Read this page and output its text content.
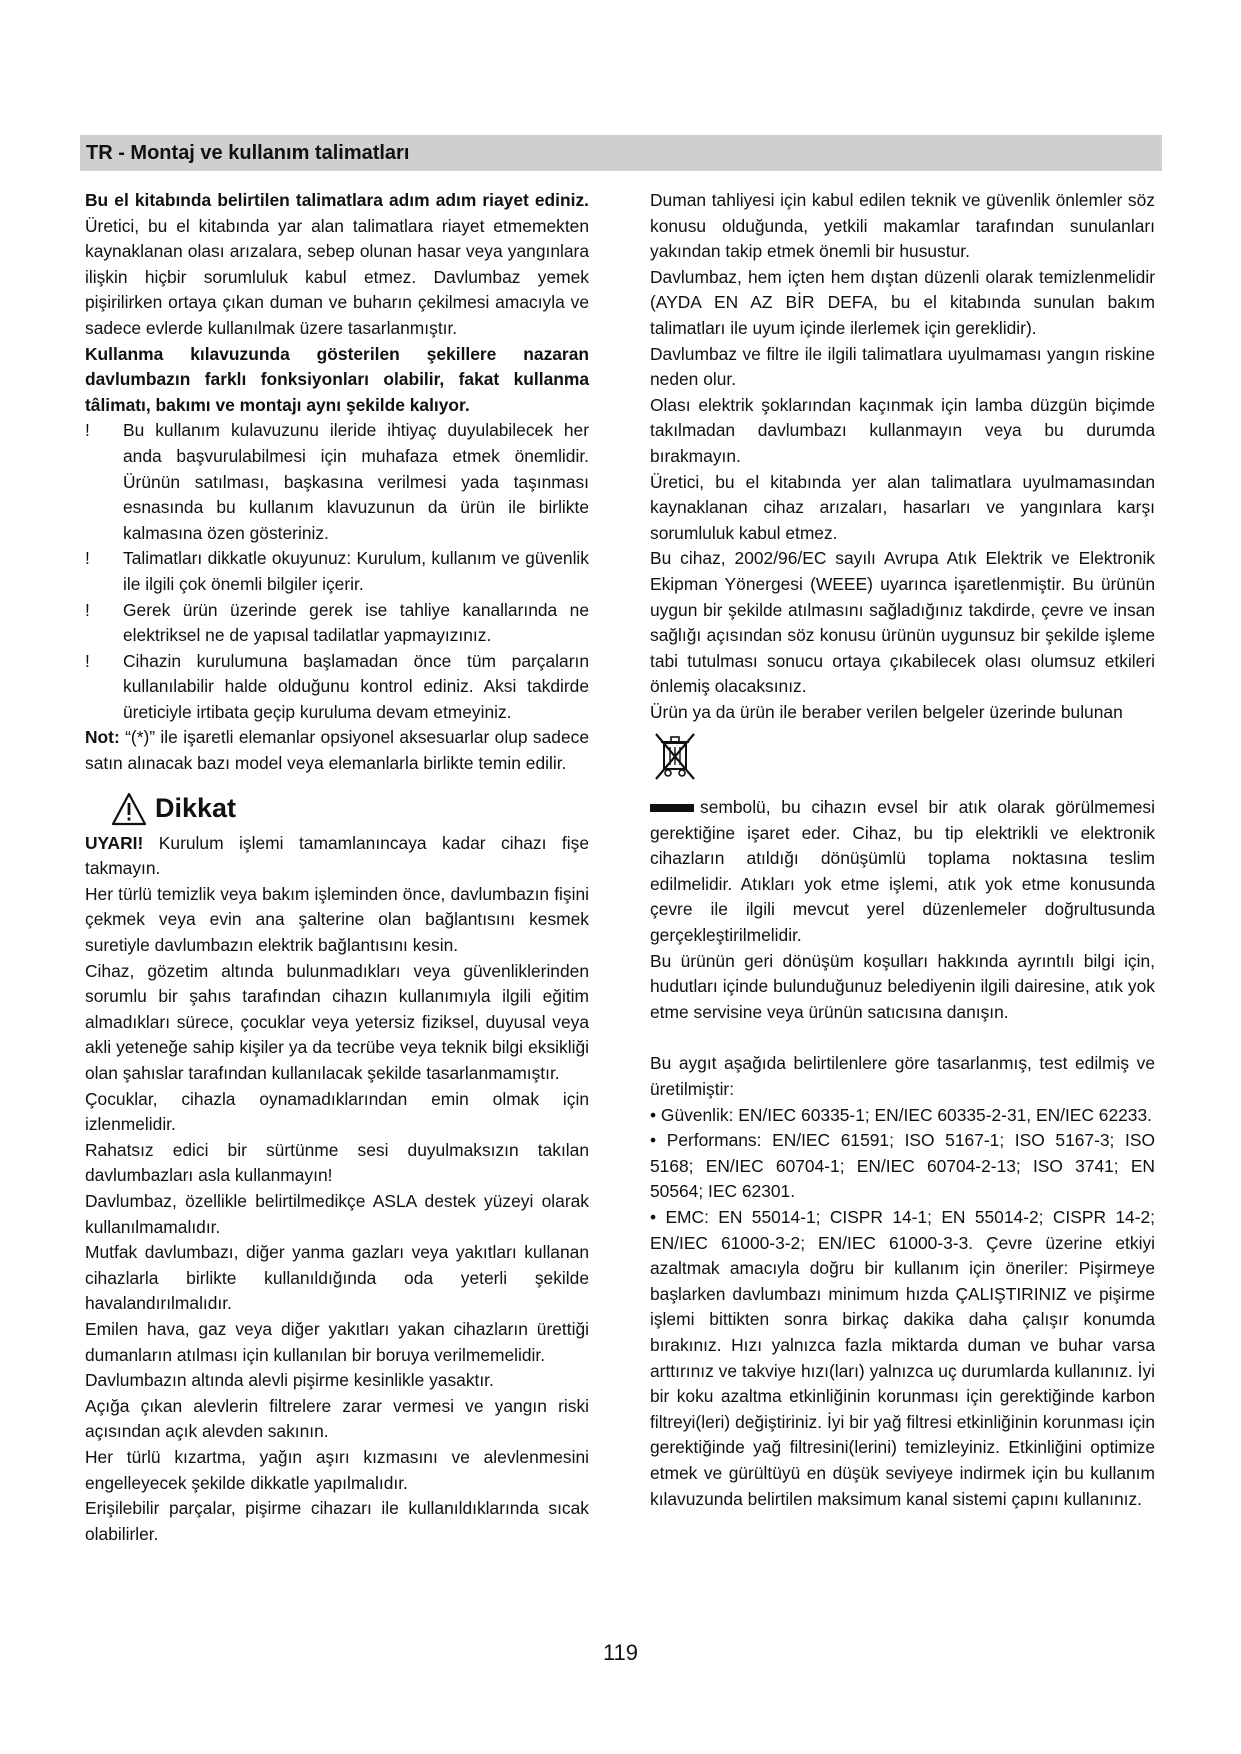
TR - Montaj ve kullanım talimatları

Bu el kitabında belirtilen talimatlara adım adım riayet ediniz. Üretici, bu el kitabında yar alan talimatlara riayet etmemekten kaynaklanan olası arızalara, sebep olunan hasar veya yangınlara ilişkin hiçbir sorumluluk kabul etmez. Davlumbaz yemek pişirilirken ortaya çıkan duman ve buharın çekilmesi amacıyla ve sadece evlerde kullanılmak üzere tasarlanmıştır.

Kullanma kılavuzunda gösterilen şekillere nazaran davlumbazın farklı fonksiyonları olabilir, fakat kullanma tâlimatı, bakımı ve montajı aynı şekilde kalıyor.

! Bu kullanım kulavuzunu ileride ihtiyaç duyulabilecek her anda başvurulabilmesi için muhafaza etmek önemlidir. Ürünün satılması, başkasına verilmesi yada taşınması esnasında bu kullanım klavuzunun da ürün ile birlikte kalmasına özen gösteriniz.

! Talimatları dikkatle okuyunuz: Kurulum, kullanım ve güvenlik ile ilgili çok önemli bilgiler içerir.

! Gerek ürün üzerinde gerek ise tahliye kanallarında ne elektriksel ne de yapısal tadilatlar yapmayızınız.

! Cihazin kurulumuna başlamadan önce tüm parçaların kullanılabilir halde olduğunu kontrol ediniz. Aksi takdirde üreticiyle irtibata geçip kuruluma devam etmeyiniz.

Not: “(*)” ile işaretli elemanlar opsiyonel aksesuarlar olup sadece satın alınacak bazı model veya elemanlarla birlikte temin edilir.

Dikkat

UYARI! Kurulum işlemi tamamlanıncaya kadar cihazı fişe takmayın.

Her türlü temizlik veya bakım işleminden önce, davlumbazın fişini çekmek veya evin ana şalterine olan bağlantısını kesmek suretiyle davlumbazın elektrik bağlantısını kesin.

Cihaz, gözetim altında bulunmadıkları veya güvenliklerinden sorumlu bir şahıs tarafından cihazın kullanımıyla ilgili eğitim almadıkları sürece, çocuklar veya yetersiz fiziksel, duyusal veya akli yeteneğe sahip kişiler ya da tecrübe veya teknik bilgi eksikliği olan şahıslar tarafından kullanılacak şekilde tasarlanmamıştır.

Çocuklar, cihazla oynamadıklarından emin olmak için izlenmelidir.

Rahatsız edici bir sürtünme sesi duyulmaksızın takılan davlumbazları asla kullanmayın!

Davlumbaz, özellikle belirtilmedikçe ASLA destek yüzeyi olarak kullanılmamalıdır.

Mutfak davlumbazı, diğer yanma gazları veya yakıtları kullanan cihazlarla birlikte kullanıldığında oda yeterli şekilde havalandırılmalıdır.

Emilen hava, gaz veya diğer yakıtları yakan cihazların ürettiği dumanların atılması için kullanılan bir boruya verilmemelidir.

Davlumbazın altında alevli pişirme kesinlikle yasaktır.

Açığa çıkan alevlerin filtrelere zarar vermesi ve yangın riski açısından açık alevden sakının.

Her türlü kızartma, yağın aşırı kızmasını ve alevlenmesini engelleyecek şekilde dikkatle yapılmalıdır.

Erişilebilir parçalar, pişirme cihazarı ile kullanıldıklarında sıcak olabilirler.

Duman tahliyesi için kabul edilen teknik ve güvenlik önlemler söz konusu olduğunda, yetkili makamlar tarafından sunulanları yakından takip etmek önemli bir husustur.

Davlumbaz, hem içten hem dıştan düzenli olarak temizlenmelidir (AYDA EN AZ BİR DEFA, bu el kitabında sunulan bakım talimatları ile uyum içinde ilerlemek için gereklidir).

Davlumbaz ve filtre ile ilgili talimatlara uyulmaması yangın riskine neden olur.

Olası elektrik şoklarından kaçınmak için lamba düzgün biçimde takılmadan davlumbazı kullanmayın veya bu durumda bırakmayın.

Üretici, bu el kitabında yer alan talimatlara uyulmamasından kaynaklanan cihaz arızaları, hasarları ve yangınlara karşı sorumluluk kabul etmez.

Bu cihaz, 2002/96/EC sayılı Avrupa Atık Elektrik ve Elektronik Ekipman Yönergesi (WEEE) uyarınca işaretlenmiştir. Bu ürünün uygun bir şekilde atılmasını sağladığınız takdirde, çevre ve insan sağlığı açısından söz konusu ürünün uygunsuz bir şekilde işleme tabi tutulması sonucu ortaya çıkabilecek olası olumsuz etkileri önlemiş olacaksınız.

Ürün ya da ürün ile beraber verilen belgeler üzerinde bulunan

sembolü, bu cihazın evsel bir atık olarak görülmemesi gerektiğine işaret eder. Cihaz, bu tip elektrikli ve elektronik cihazların atıldığı dönüşümlü toplama noktasına teslim edilmelidir. Atıkları yok etme işlemi, atık yok etme konusunda çevre ile ilgili mevcut yerel düzenlemeler doğrultusunda gerçekleştirilmelidir.

Bu ürünün geri dönüşüm koşulları hakkında ayrıntılı bilgi için, hudutları içinde bulunduğunuz belediyenin ilgili dairesine, atık yok etme servisine veya ürünün satıcısına danışın.

Bu aygıt aşağıda belirtilenlere göre tasarlanmış, test edilmiş ve üretilmiştir:

• Güvenlik: EN/IEC 60335-1; EN/IEC 60335-2-31, EN/IEC 62233.

• Performans: EN/IEC 61591; ISO 5167-1; ISO 5167-3; ISO 5168; EN/IEC 60704-1; EN/IEC 60704-2-13; ISO 3741; EN 50564; IEC 62301.

• EMC: EN 55014-1; CISPR 14-1; EN 55014-2; CISPR 14-2; EN/IEC 61000-3-2; EN/IEC 61000-3-3. Çevre üzerine etkiyi azaltmak amacıyla doğru bir kullanım için öneriler: Pişirmeye başlarken davlumbazı minimum hızda ÇALIŞTIRINIZ ve pişirme işlemi bittikten sonra birkaç dakika daha çalışır konumda bırakınız. Hızı yalnızca fazla miktarda duman ve buhar varsa arttırınız ve takviye hızı(ları) yalnızca uç durumlarda kullanınız. İyi bir koku azaltma etkinliğinin korunması için gerektiğinde karbon filtreyi(leri) değiştiriniz. İyi bir yağ filtresi etkinliğinin korunması için gerektiğinde yağ filtresini(lerini) temizleyiniz. Etkinliğini optimize etmek ve gürültüyü en düşük seviyeye indirmek için bu kullanım kılavuzunda belirtilen maksimum kanal sistemi çapını kullanınız.

119
